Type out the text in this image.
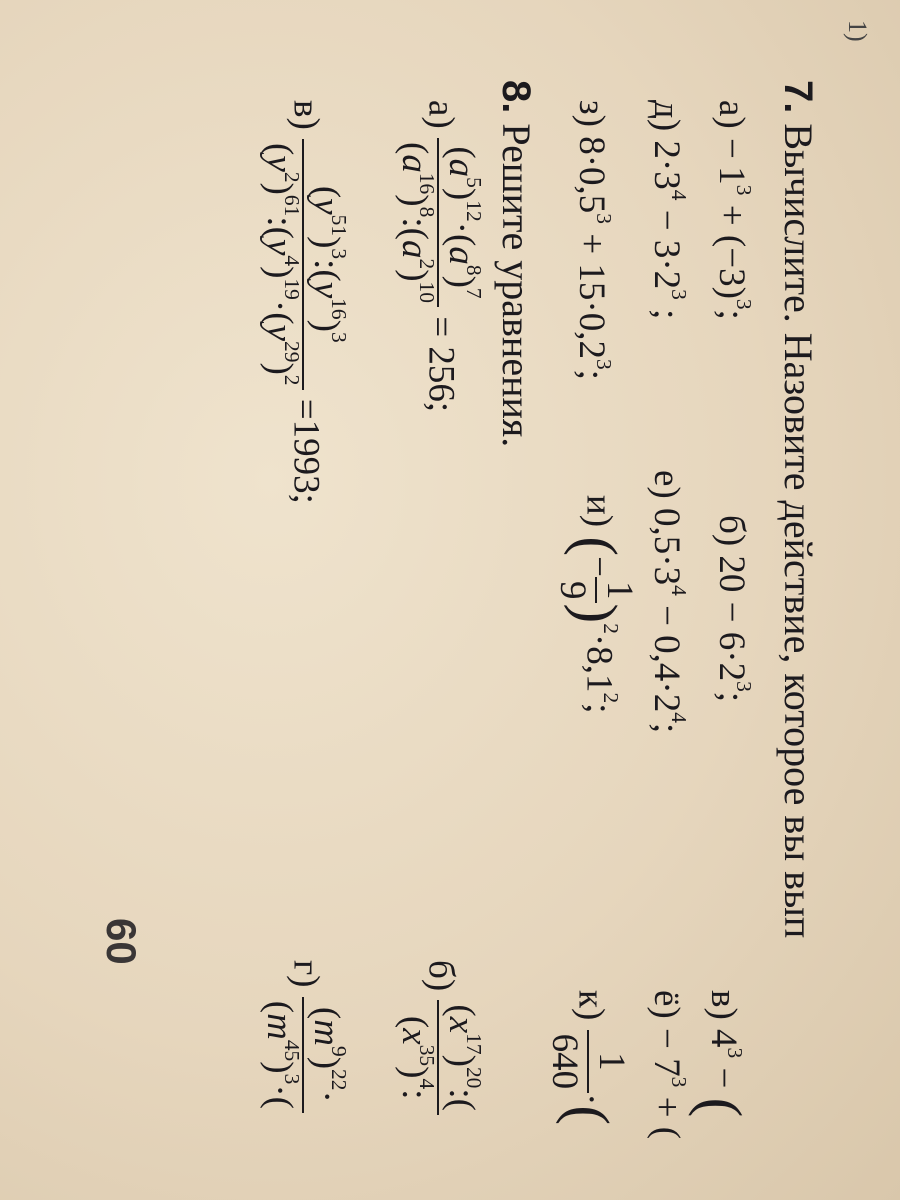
1)
7. Вычислите. Назовите действие, которое вы вып
$а) - 1^3 + (-3)^3$;
б) $20 - 6\cdot 2^3$;
в) $4^3$ − (
д) $2\cdot 3^4 - 3\cdot 2^3$ ;
е) $0,5\cdot 3^4 - 0,4\cdot 2^4$;
$ё) - 7^3$ + (
з) $8\cdot 0,5^3 + 15\cdot 0,2^3$;
и) (−
1
9
)$^2\cdot 8,1^2$;
к)
1
640
·(
8. Решите уравнения.
а)
$(a^5)^{12}\cdot(a^8)^7$
$(a^{16})^8:(a^2)^{10}$
= 256;
б)
$(x^{17})^{20}$:(
$(x^{35})^4$:
в)
$(y^{51})^3:(y^{16})^3$
$(y^2)^{61}:(y^4)^{19}\cdot(y^{29})^2$
=1993;
г)
$(m^9)^{22}\cdot$
$(m^{45})^3\cdot$(
60
